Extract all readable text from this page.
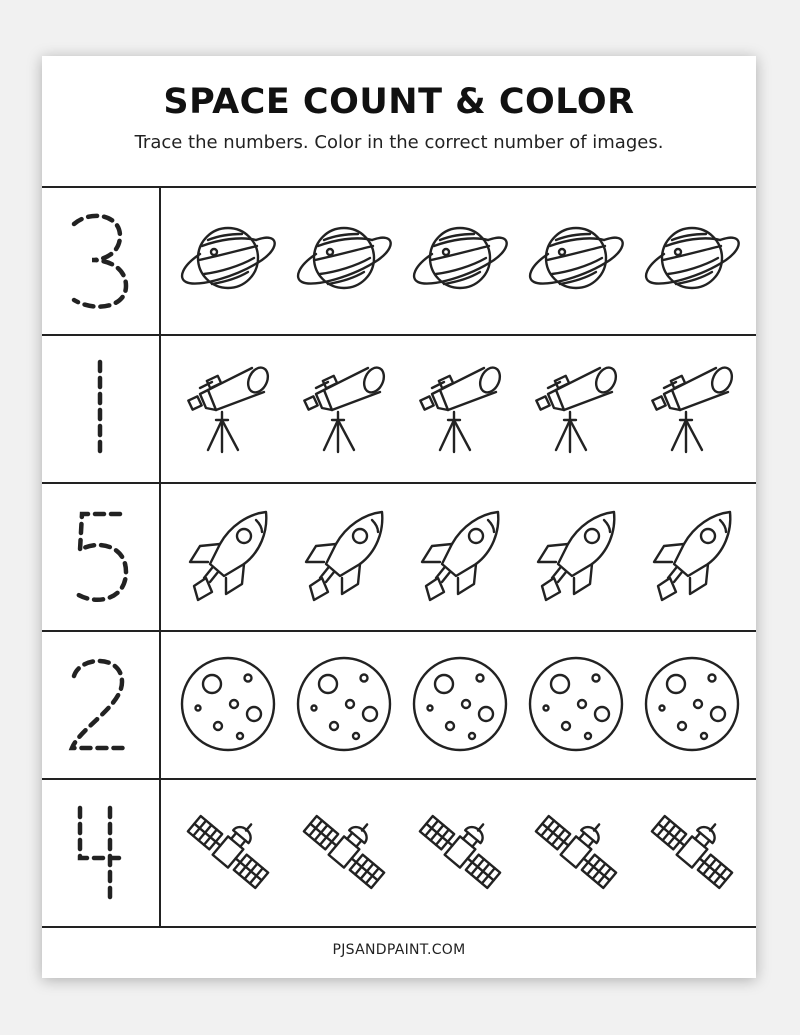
SPACE COUNT & COLOR
Trace the numbers. Color in the correct number of images.
PJSANDPAINT.COM
